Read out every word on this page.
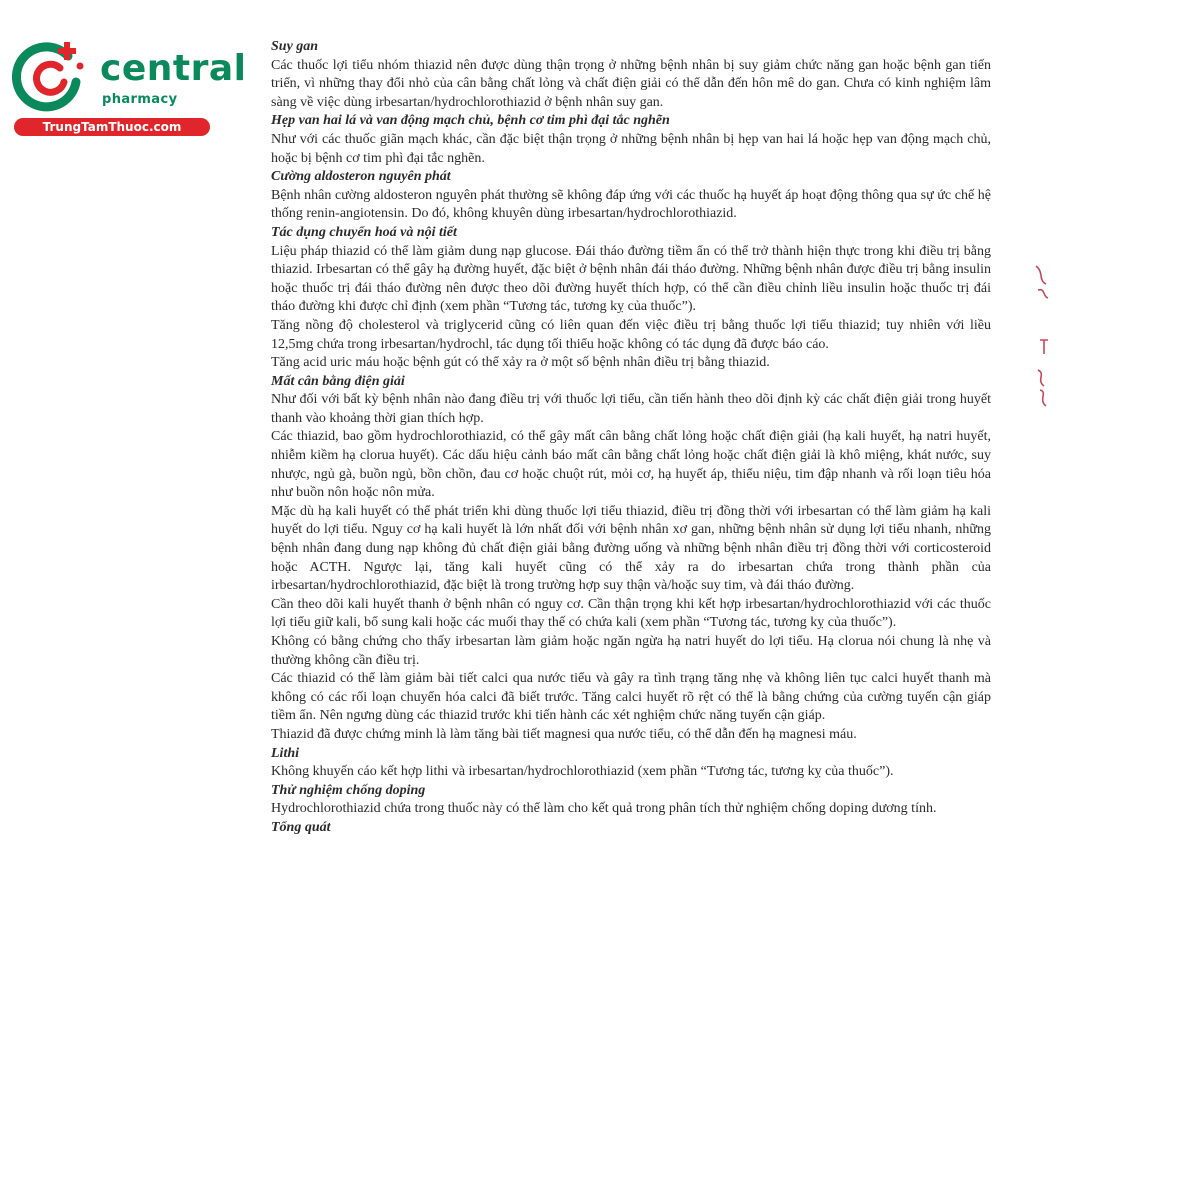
central
pharmacy
TrungTamThuoc.com

Suy gan

Các thuốc lợi tiểu nhóm thiazid nên được dùng thận trọng ở những bệnh nhân bị suy giảm chức năng gan hoặc bệnh gan tiến triển, vì những thay đổi nhỏ của cân bằng chất lỏng và chất điện giải có thể dẫn đến hôn mê do gan. Chưa có kinh nghiệm lâm sàng về việc dùng irbesartan/hydrochlorothiazid ở bệnh nhân suy gan.

Hẹp van hai lá và van động mạch chủ, bệnh cơ tim phì đại tắc nghẽn

Như với các thuốc giãn mạch khác, cần đặc biệt thận trọng ở những bệnh nhân bị hẹp van hai lá hoặc hẹp van động mạch chủ, hoặc bị bệnh cơ tim phì đại tắc nghẽn.

Cường aldosteron nguyên phát

Bệnh nhân cường aldosteron nguyên phát thường sẽ không đáp ứng với các thuốc hạ huyết áp hoạt động thông qua sự ức chế hệ thống renin-angiotensin. Do đó, không khuyên dùng irbesartan/hydrochlorothiazid.

Tác dụng chuyển hoá và nội tiết

Liệu pháp thiazid có thể làm giảm dung nạp glucose. Đái tháo đường tiềm ẩn có thể trở thành hiện thực trong khi điều trị bằng thiazid. Irbesartan có thể gây hạ đường huyết, đặc biệt ở bệnh nhân đái tháo đường. Những bệnh nhân được điều trị bằng insulin hoặc thuốc trị đái tháo đường nên được theo dõi đường huyết thích hợp, có thể cần điều chỉnh liều insulin hoặc thuốc trị đái tháo đường khi được chỉ định (xem phần “Tương tác, tương kỵ của thuốc”).

Tăng nồng độ cholesterol và triglycerid cũng có liên quan đến việc điều trị bằng thuốc lợi tiểu thiazid; tuy nhiên với liều 12,5mg chứa trong irbesartan/hydrochl, tác dụng tối thiểu hoặc không có tác dụng đã được báo cáo.

Tăng acid uric máu hoặc bệnh gút có thể xảy ra ở một số bệnh nhân điều trị bằng thiazid.

Mất cân bằng điện giải

Như đối với bất kỳ bệnh nhân nào đang điều trị với thuốc lợi tiểu, cần tiến hành theo dõi định kỳ các chất điện giải trong huyết thanh vào khoảng thời gian thích hợp.

Các thiazid, bao gồm hydrochlorothiazid, có thể gây mất cân bằng chất lỏng hoặc chất điện giải (hạ kali huyết, hạ natri huyết, nhiễm kiềm hạ clorua huyết). Các dấu hiệu cảnh báo mất cân bằng chất lỏng hoặc chất điện giải là khô miệng, khát nước, suy nhược, ngủ gà, buồn ngủ, bồn chồn, đau cơ hoặc chuột rút, mỏi cơ, hạ huyết áp, thiểu niệu, tim đập nhanh và rối loạn tiêu hóa như buồn nôn hoặc nôn mửa.

Mặc dù hạ kali huyết có thể phát triển khi dùng thuốc lợi tiểu thiazid, điều trị đồng thời với irbesartan có thể làm giảm hạ kali huyết do lợi tiểu. Nguy cơ hạ kali huyết là lớn nhất đối với bệnh nhân xơ gan, những bệnh nhân sử dụng lợi tiểu nhanh, những bệnh nhân đang dung nạp không đủ chất điện giải bằng đường uống và những bệnh nhân điều trị đồng thời với corticosteroid hoặc ACTH. Ngược lại, tăng kali huyết cũng có thể xảy ra do irbesartan chứa trong thành phần của irbesartan/hydrochlorothiazid, đặc biệt là trong trường hợp suy thận và/hoặc suy tim, và đái tháo đường.

Cần theo dõi kali huyết thanh ở bệnh nhân có nguy cơ. Cần thận trọng khi kết hợp irbesartan/hydrochlorothiazid với các thuốc lợi tiểu giữ kali, bổ sung kali hoặc các muối thay thế có chứa kali (xem phần “Tương tác, tương kỵ của thuốc”).

Không có bằng chứng cho thấy irbesartan làm giảm hoặc ngăn ngừa hạ natri huyết do lợi tiểu. Hạ clorua nói chung là nhẹ và thường không cần điều trị.

Các thiazid có thể làm giảm bài tiết calci qua nước tiểu và gây ra tình trạng tăng nhẹ và không liên tục calci huyết thanh mà không có các rối loạn chuyển hóa calci đã biết trước. Tăng calci huyết rõ rệt có thể là bằng chứng của cường tuyến cận giáp tiềm ẩn. Nên ngưng dùng các thiazid trước khi tiến hành các xét nghiệm chức năng tuyến cận giáp.

Thiazid đã được chứng minh là làm tăng bài tiết magnesi qua nước tiểu, có thể dẫn đến hạ magnesi máu.

Lithi

Không khuyến cáo kết hợp lithi và irbesartan/hydrochlorothiazid (xem phần “Tương tác, tương kỵ của thuốc”).

Thử nghiệm chống doping

Hydrochlorothiazid chứa trong thuốc này có thể làm cho kết quả trong phân tích thử nghiệm chống doping dương tính.

Tổng quát
